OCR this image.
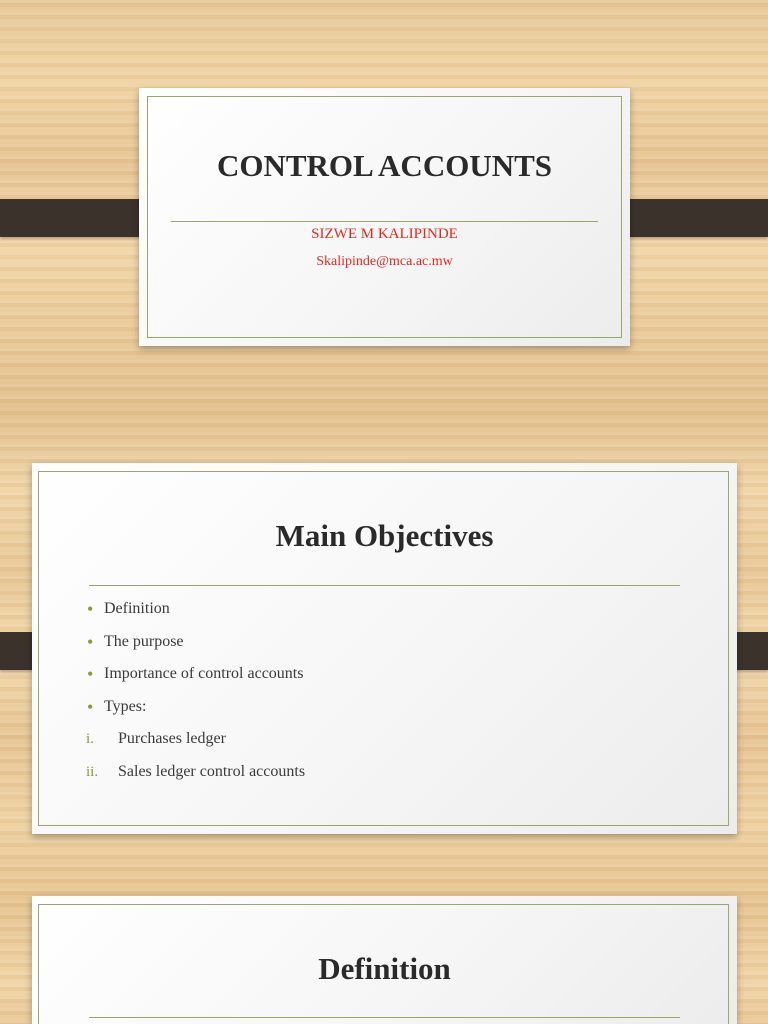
CONTROL ACCOUNTS
SIZWE M KALIPINDE
Skalipinde@mca.ac.mw
Main Objectives
• Definition
• The purpose
• Importance of control accounts
• Types:
i. Purchases ledger
ii. Sales ledger control accounts
Definition
